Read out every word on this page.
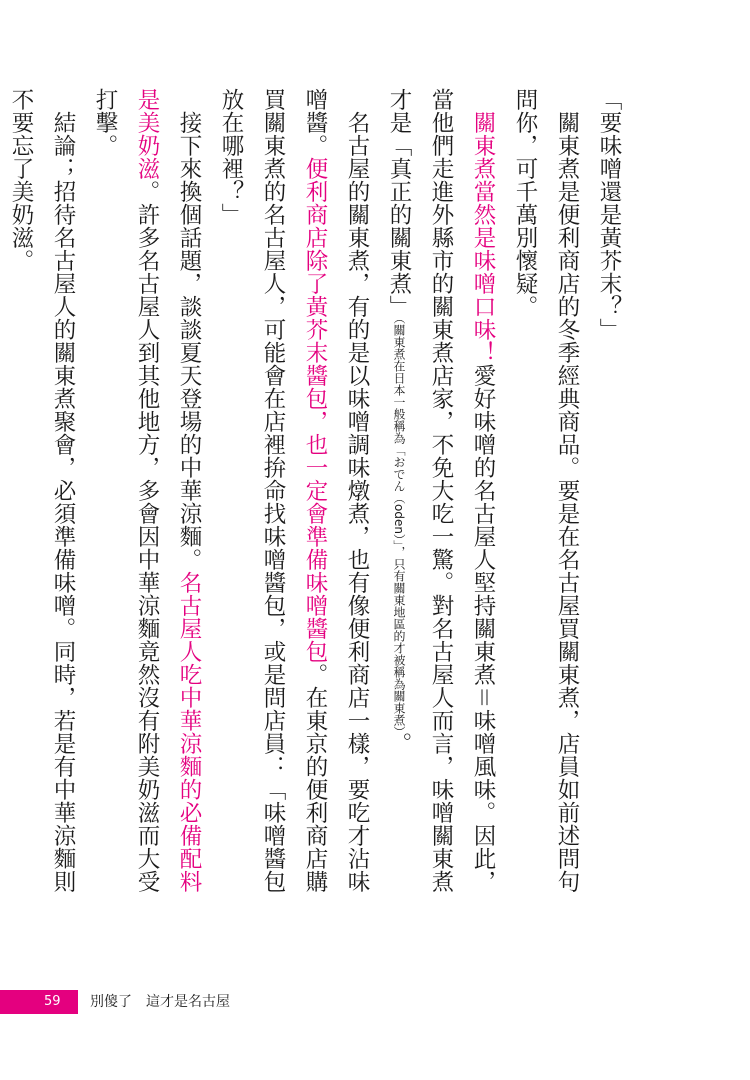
「要味噌還是黃芥末？」

關東煮是便利商店的冬季經典商品。要是在名古屋買關東煮，店員如前述問句問你，可千萬別懷疑。

關東煮當然是味噌口味！愛好味噌的名古屋人堅持關東煮＝味噌風味。因此，當他們走進外縣市的關東煮店家，不免大吃一驚。對名古屋人而言，味噌關東煮才是「真正的關東煮」（關東煮在日本一般稱為「おでん（oden）」，只有關東地區的才被稱為關東煮）。

名古屋的關東煮，有的是以味噌調味燉煮，也有像便利商店一樣，要吃才沾味噌醬。便利商店除了黃芥末醬包，也一定會準備味噌醬包。在東京的便利商店購買關東煮的名古屋人，可能會在店裡拚命找味噌醬包，或是問店員：「味噌醬包放在哪裡？」

接下來換個話題，談談夏天登場的中華涼麵。名古屋人吃中華涼麵的必備配料是美奶滋。許多名古屋人到其他地方，多會因中華涼麵竟然沒有附美奶滋而大受打擊。

結論；招待名古屋人的關東煮聚會，必須準備味噌。同時，若是有中華涼麵則不要忘了美奶滋。

59 別傻了　這才是名古屋
